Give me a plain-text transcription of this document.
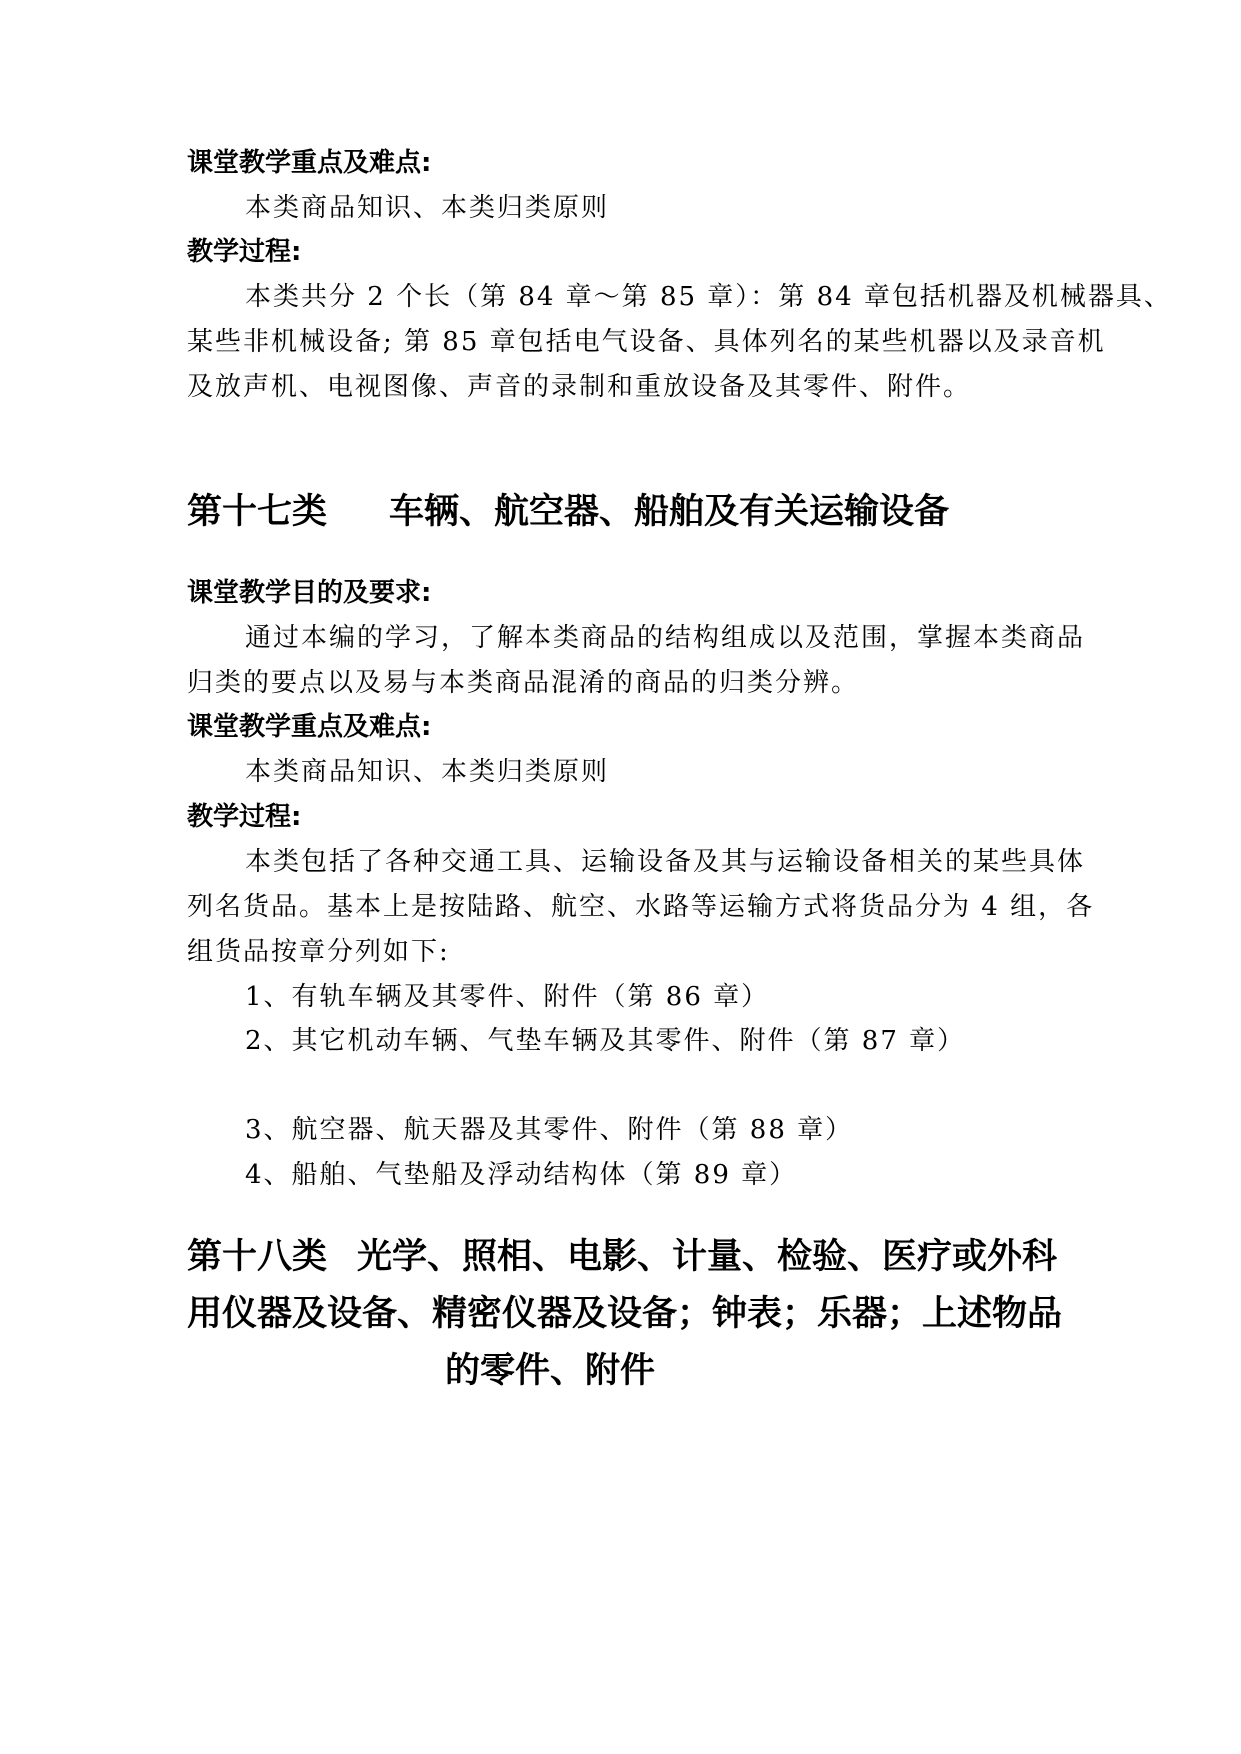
课堂教学重点及难点:
本类商品知识、本类归类原则
教学过程:
本类共分 2 个长（第 84 章～第 85 章）：第 84 章包括机器及机械器具、
某些非机械设备; 第 85 章包括电气设备、具体列名的某些机器以及录音机
及放声机、电视图像、声音的录制和重放设备及其零件、附件。
第十七类 车辆、航空器、船舶及有关运输设备
课堂教学目的及要求:
通过本编的学习，了解本类商品的结构组成以及范围，掌握本类商品
归类的要点以及易与本类商品混淆的商品的归类分辨。
课堂教学重点及难点:
本类商品知识、本类归类原则
教学过程:
本类包括了各种交通工具、运输设备及其与运输设备相关的某些具体
列名货品。基本上是按陆路、航空、水路等运输方式将货品分为 4 组，各
组货品按章分列如下:
1、有轨车辆及其零件、附件（第 86 章）
2、其它机动车辆、气垫车辆及其零件、附件（第 87 章）
3、航空器、航天器及其零件、附件（第 88 章）
4、船舶、气垫船及浮动结构体（第 89 章）
第十八类 光学、照相、电影、计量、检验、医疗或外科
用仪器及设备、精密仪器及设备；钟表；乐器；上述物品
的零件、附件
